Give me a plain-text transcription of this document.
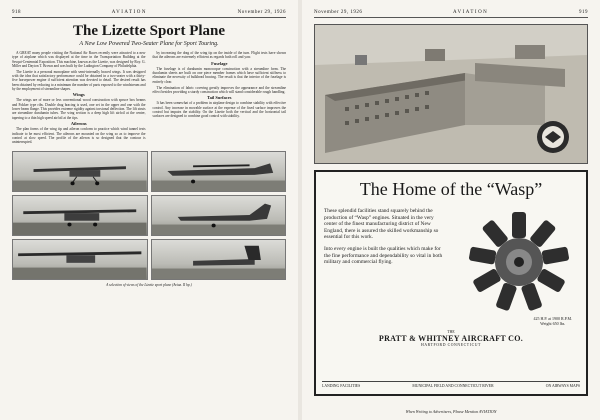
918	AVIATION	November 29, 1926
The Lizette Sport Plane
A New Low Powered Two-Seater Plane for Sport Touring.

A GREAT many people visiting the National Air Races recently were attracted to a new type of airplane which was displayed at the time in the Transportation Building at the Sesqui-Centennial Exposition. This machine, known as the Lizette, was designed by Roy. G. Miller and Dayton T. Brown and was built by the Ludington Company of Philadelphia.

The Lizette is a personal monoplane with semi-internally braced wings. It was designed with the idea that satisfactory performance could be obtained in a two-seater with a thirty-five horsepower engine if sufficient attention was devoted to detail. The desired result has been obtained by reducing to a minimum the number of parts exposed to the windstream and by the employment of streamline shapes.

Wings

The wings are of more or less conventional wood construction with spruce box beams and Fokker type ribs. Double drag bracing is used, one set in the upper and one with the lower beam flange. This provides extreme rigidity against torsional deflection. The lift struts are streamline duralumin tubes. The wing section is a deep high lift airfoil at the center, tapering to a thin high speed airfoil at the tips.

Ailerons

The plan forms of the wing tip and aileron conform to practice which wind tunnel tests indicate to be most efficient. The ailerons are mounted on the wing so as to improve the control at slow speed. The profile of the aileron is so designed that the contour is uninterrupted.

by increasing the drag of the wing tip on the inside of the turn. Flight tests have shown that the ailerons are extremely efficient as regards both roll and yaw.

Fuselage

The fuselage is of duralumin monocoque construction with a streamline form. The duralumin sheets are built on one piece member frames which have sufficient stiffness to eliminate the necessity of bulkhead bracing. The result is that the interior of the fuselage is entirely clear.

The elimination of fabric covering greatly improves the appearance and the streamline effect besides providing a sturdy construction which will stand considerable rough handling.

Tail Surfaces

It has been somewhat of a problem in airplane design to combine stability with effective control. Any increase in movable surface at the expense of the fixed surface improves the control but impairs the stability. On the Lizette both the vertical and the horizontal tail surfaces are designed to combine good control with stability.

A selection of views of the Lizette sport plane (Aviaz. II hp.)
November 29, 1926	AVIATION	919
The Home of the “Wasp”

These splendid facilities stand squarely behind the production of “Wasp” engines. Situated in the very center of the finest manufacturing district of New England, there is assured the skilled workmanship so essential for this work.

Into every engine is built the qualities which make for the fine performance and dependability so vital in both military and commercial flying.

425 H.P. at 1900 R.P.M.
Weight 650 lbs.
THE
PRATT & WHITNEY AIRCRAFT CO.
HARTFORD CONNECTICUT
LANDING FACILITIES	MUNICIPAL FIELD AND CONNECTICUT RIVER	ON AIRWAYS MAPS
When Writing to Advertisers, Please Mention AVIATION
